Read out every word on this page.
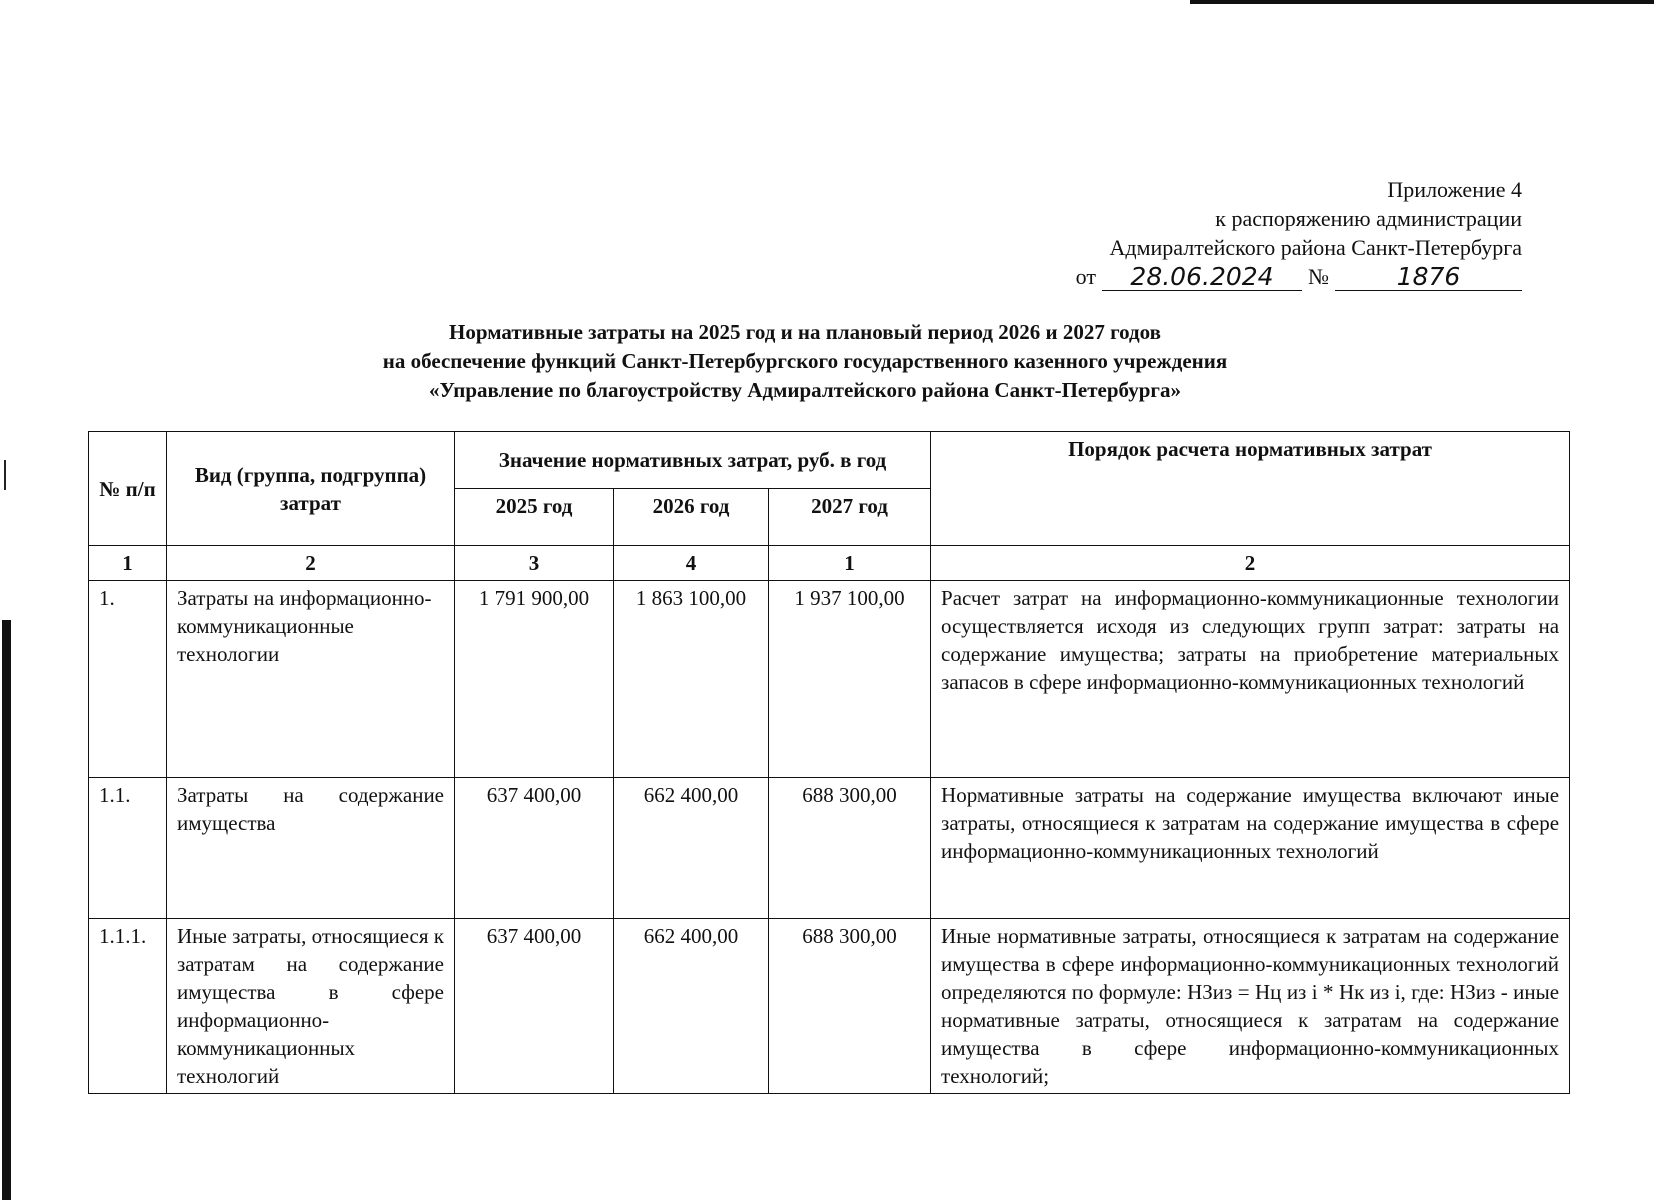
Приложение 4
к распоряжению администрации
Адмиралтейского района Санкт-Петербурга
от	28.06.2024	№	1876
Нормативные затраты на 2025 год и на плановый период 2026 и 2027 годов
на обеспечение функций Санкт-Петербургского государственного казенного учреждения
«Управление по благоустройству Адмиралтейского района Санкт-Петербурга»
№ п/п	Вид (группа, подгруппа) затрат	Значение нормативных затрат, руб. в год			Порядок расчета нормативных затрат
		2025 год	2026 год	2027 год	
1	2	3	4	1	2
1.	Затраты на информационно-коммуникационные технологии	1 791 900,00	1 863 100,00	1 937 100,00	Расчет затрат на информационно-коммуникационные технологии осуществляется исходя из следующих групп затрат: затраты на содержание имущества; затраты на приобретение материальных запасов в сфере информационно-коммуникационных технологий
1.1.	Затраты на содержание имущества	637 400,00	662 400,00	688 300,00	Нормативные затраты на содержание имущества включают иные затраты, относящиеся к затратам на содержание имущества в сфере информационно-коммуникационных технологий
1.1.1.	Иные затраты, относящиеся к затратам на содержание имущества в сфере информационно-коммуникационных технологий	637 400,00	662 400,00	688 300,00	Иные нормативные затраты, относящиеся к затратам на содержание имущества в сфере информационно-коммуникационных технологий определяются по формуле: НЗиз = Нц из i * Нк из i, где: НЗиз - иные нормативные затраты, относящиеся к затратам на содержание имущества в сфере информационно-коммуникационных технологий;
